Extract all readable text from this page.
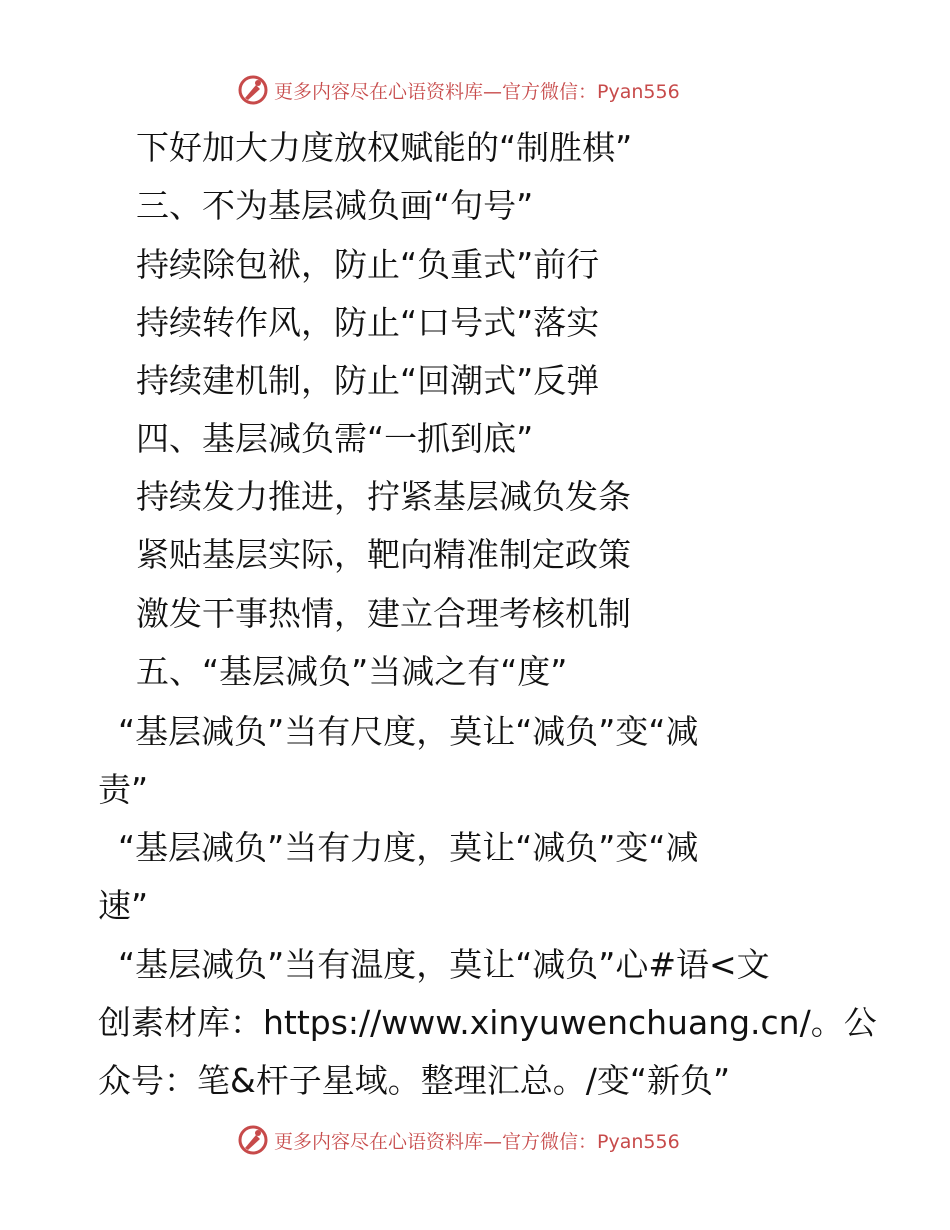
更多内容尽在心语资料库—官方微信：Pyan556
下好加大力度放权赋能的“制胜棋”
三、不为基层减负画“句号”
持续除包袱，防止“负重式”前行
持续转作风，防止“口号式”落实
持续建机制，防止“回潮式”反弹
四、基层减负需“一抓到底”
持续发力推进，拧紧基层减负发条
紧贴基层实际，靶向精准制定政策
激发干事热情，建立合理考核机制
五、“基层减负”当减之有“度”
“基层减负”当有尺度，莫让“减负”变“减
责”
“基层减负”当有力度，莫让“减负”变“减
速”
“基层减负”当有温度，莫让“减负”心#语<文
创素材库：https://www.xinyuwenchuang.cn/。公
众号：笔&杆子星域。整理汇总。/变“新负”
更多内容尽在心语资料库—官方微信：Pyan556
